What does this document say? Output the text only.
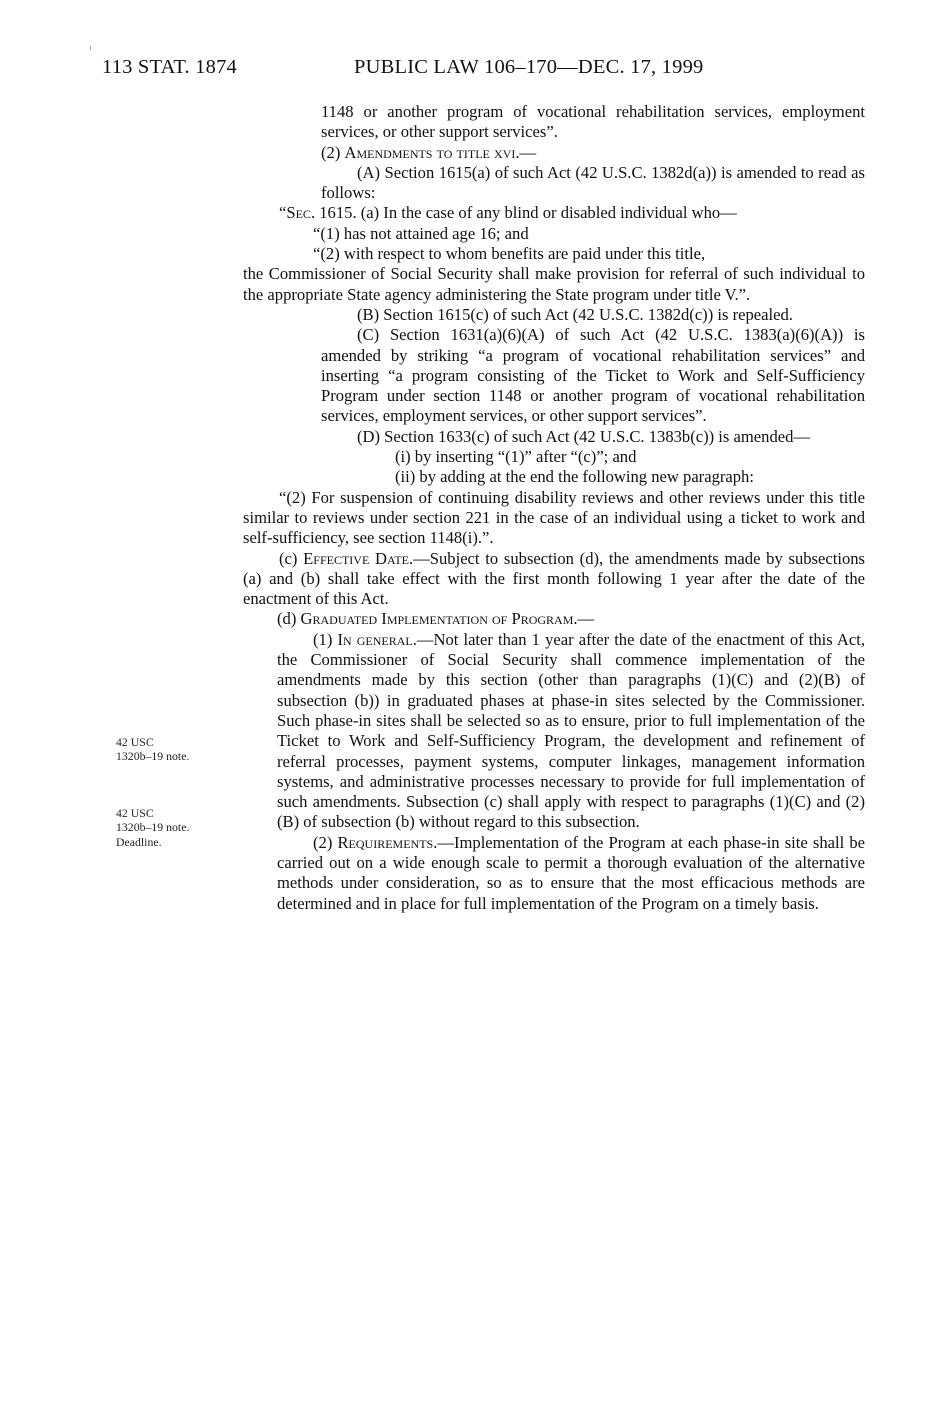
113 STAT. 1874	PUBLIC LAW 106–170—DEC. 17, 1999
42 USC
1320b–19 note.
42 USC
1320b–19 note.
Deadline.

1148 or another program of vocational rehabilitation services, employment services, or other support services”.

(2) Amendments to title xvi.—

(A) Section 1615(a) of such Act (42 U.S.C. 1382d(a)) is amended to read as follows:

“Sec. 1615. (a) In the case of any blind or disabled individual who—

“(1) has not attained age 16; and

“(2) with respect to whom benefits are paid under this title,

the Commissioner of Social Security shall make provision for referral of such individual to the appropriate State agency administering the State program under title V.”.

(B) Section 1615(c) of such Act (42 U.S.C. 1382d(c)) is repealed.

(C) Section 1631(a)(6)(A) of such Act (42 U.S.C. 1383(a)(6)(A)) is amended by striking “a program of vocational rehabilitation services” and inserting “a program consisting of the Ticket to Work and Self-Sufficiency Program under section 1148 or another program of vocational rehabilitation services, employment services, or other support services”.

(D) Section 1633(c) of such Act (42 U.S.C. 1383b(c)) is amended—

(i) by inserting “(1)” after “(c)”; and

(ii) by adding at the end the following new paragraph:

“(2) For suspension of continuing disability reviews and other reviews under this title similar to reviews under section 221 in the case of an individual using a ticket to work and self-sufficiency, see section 1148(i).”.

(c) Effective Date.—Subject to subsection (d), the amendments made by subsections (a) and (b) shall take effect with the first month following 1 year after the date of the enactment of this Act.

(d) Graduated Implementation of Program.—

(1) In general.—Not later than 1 year after the date of the enactment of this Act, the Commissioner of Social Security shall commence implementation of the amendments made by this section (other than paragraphs (1)(C) and (2)(B) of subsection (b)) in graduated phases at phase-in sites selected by the Commissioner. Such phase-in sites shall be selected so as to ensure, prior to full implementation of the Ticket to Work and Self-Sufficiency Program, the development and refinement of referral processes, payment systems, computer linkages, management information systems, and administrative processes necessary to provide for full implementation of such amendments. Subsection (c) shall apply with respect to paragraphs (1)(C) and (2)(B) of subsection (b) without regard to this subsection.

(2) Requirements.—Implementation of the Program at each phase-in site shall be carried out on a wide enough scale to permit a thorough evaluation of the alternative methods under consideration, so as to ensure that the most efficacious methods are determined and in place for full implementation of the Program on a timely basis.
